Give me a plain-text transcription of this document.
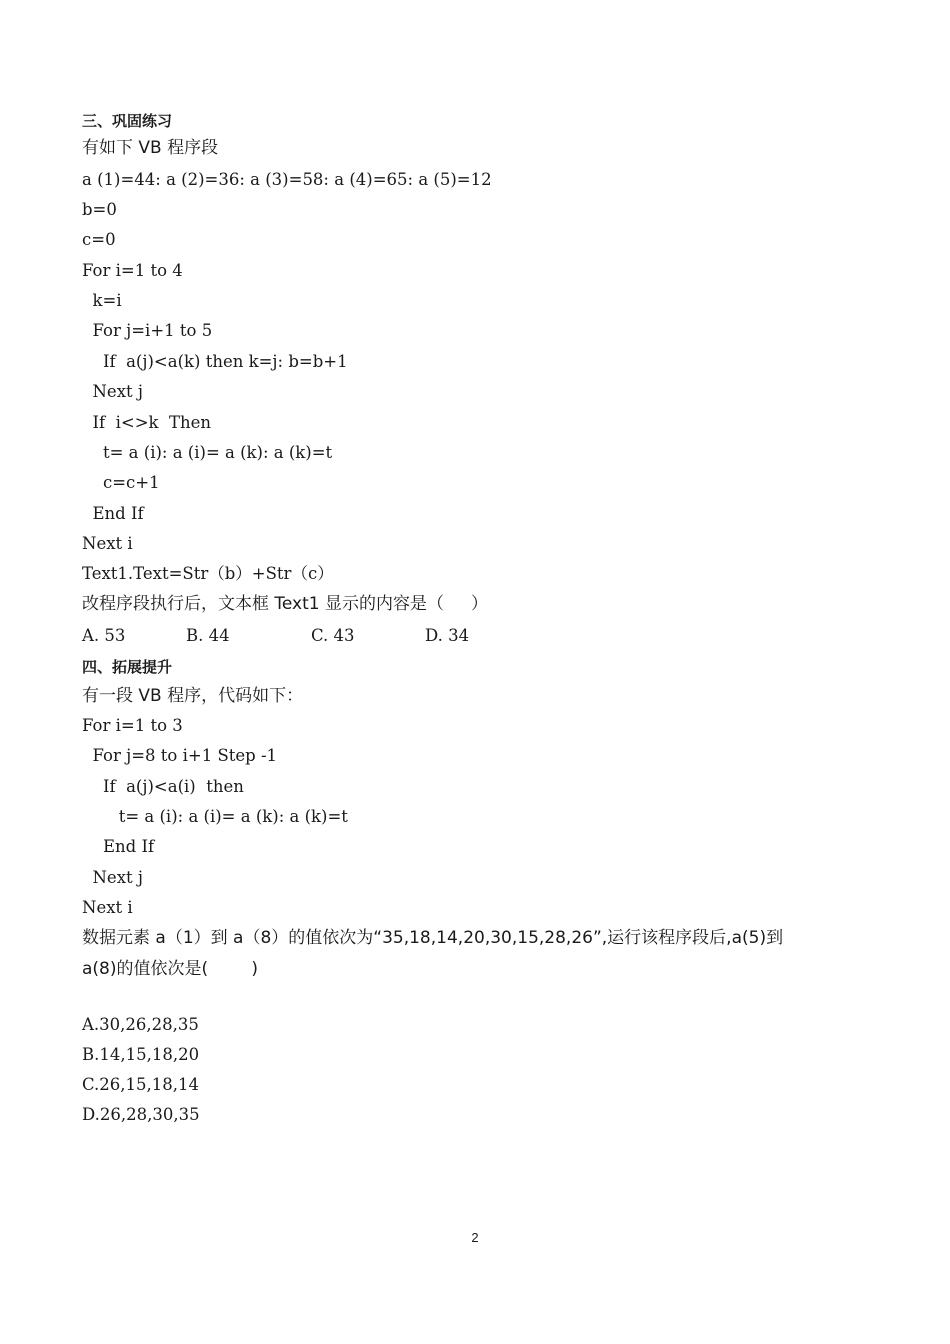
三、巩固练习
有如下 VB 程序段
a (1)=44: a (2)=36: a (3)=58: a (4)=65: a (5)=12
b=0
c=0
For i=1 to 4
k=i
For j=i+1 to 5
If  a(j)<a(k) then k=j: b=b+1
Next j
If  i<>k  Then
t= a (i): a (i)= a (k): a (k)=t
c=c+1
End If
Next i
Text1.Text=Str（b）+Str（c）
改程序段执行后，文本框 Text1 显示的内容是（     ）
A. 53	B. 44	C. 43	D. 34
四、拓展提升
有一段 VB 程序，代码如下：
For i=1 to 3
For j=8 to i+1 Step -1
If  a(j)<a(i)  then
t= a (i): a (i)= a (k): a (k)=t
End If
Next j
Next i
数据元素 a（1）到 a（8）的值依次为“35,18,14,20,30,15,28,26”,运行该程序段后,a(5)到
a(8)的值依次是(        )
A.30,26,28,35
B.14,15,18,20
C.26,15,18,14
D.26,28,30,35
2
